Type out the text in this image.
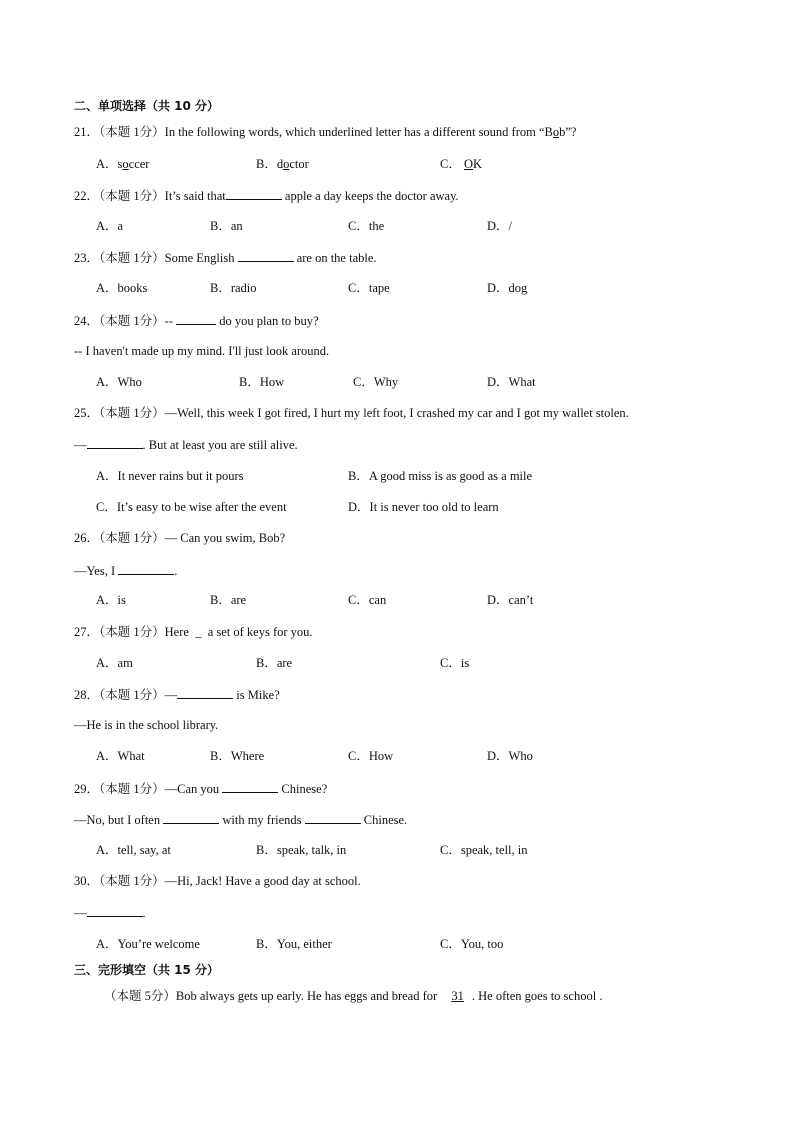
二、单项选择（共 10 分）
21．（本题 1分）In the following words, which underlined letter has a different sound from “Bob”?
A．soccer	B．doctor	C． OK
22．（本题 1分）It’s said that	apple a day keeps the doctor away.
A．a	B．an	C．the	D．/
23．（本题 1分）Some English	are on the table.
A．books	B．radio	C．tape	D．dog
24．（本题 1分）--	do you plan to buy?
-- I haven't made up my mind. I'll just look around.
A．Who	B．How	C．Why	D．What
25．（本题 1分）—Well, this week I got fired, I hurt my left foot, I crashed my car and I got my wallet stolen.
—	. But at least you are still alive.
A．It never rains but it pours	B．A good miss is as good as a mile
C．It’s easy to be wise after the event	D．It is never too old to learn
26．（本题 1分）— Can you swim, Bob?
—Yes, I	.
A．is	B．are	C．can	D．can’t
27．（本题 1分）Here _ a set of keys for you.
A．am	B．are	C．is
28．（本题 1分）—	is Mike?
—He is in the school library.
A．What	B．Where	C．How	D．Who
29．（本题 1分）—Can you	Chinese?
—No, but I often	with my friends	Chinese.
A．tell, say, at	B．speak, talk, in	C．speak, tell, in
30．（本题 1分）—Hi, Jack! Have a good day at school.
—	.
A．You’re welcome	B．You, either	C．You, too
三、完形填空（共 15 分）
（本题 5分）Bob always gets up early. He has eggs and bread for 31 . He often goes to school .
